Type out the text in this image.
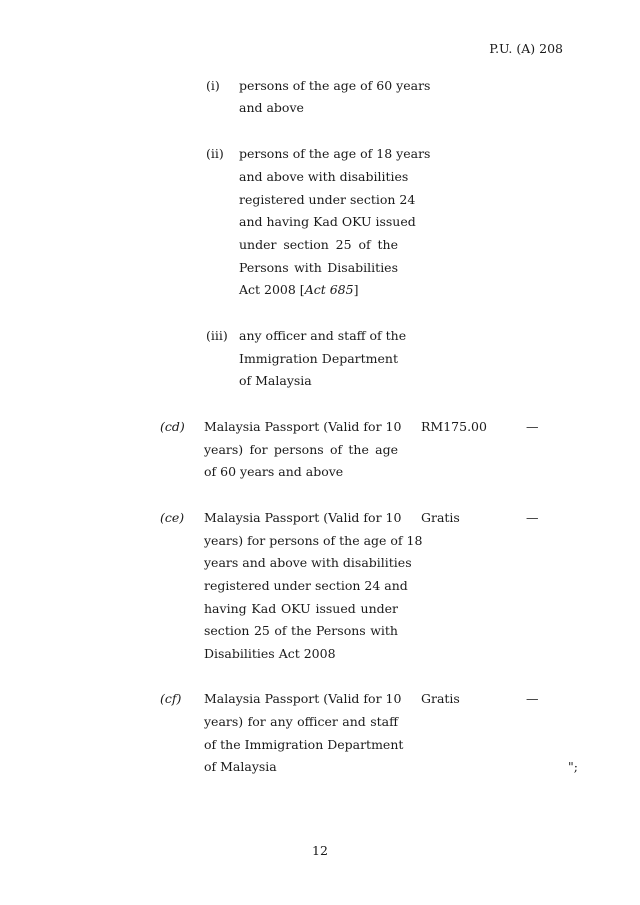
P.U. (A) 208
(i) persons of the age of 60 years
and above
(ii) persons of the age of 18 years
and above with disabilities
registered under section 24
and having Kad OKU issued
under section 25 of the
Persons with Disabilities
Act 2008 [Act 685]
(iii) any officer and staff of the
Immigration Department
of Malaysia
(cd) Malaysia Passport (Valid for 10
years) for persons of the age
of 60 years and above
RM175.00	—
(ce) Malaysia Passport (Valid for 10
years) for persons of the age of 18
years and above with disabilities
registered under section 24 and
having Kad OKU issued under
section 25 of the Persons with
Disabilities Act 2008
Gratis	—
(cf) Malaysia Passport (Valid for 10
years) for any officer and staff
of the Immigration Department
of Malaysia
Gratis	—
";
12
